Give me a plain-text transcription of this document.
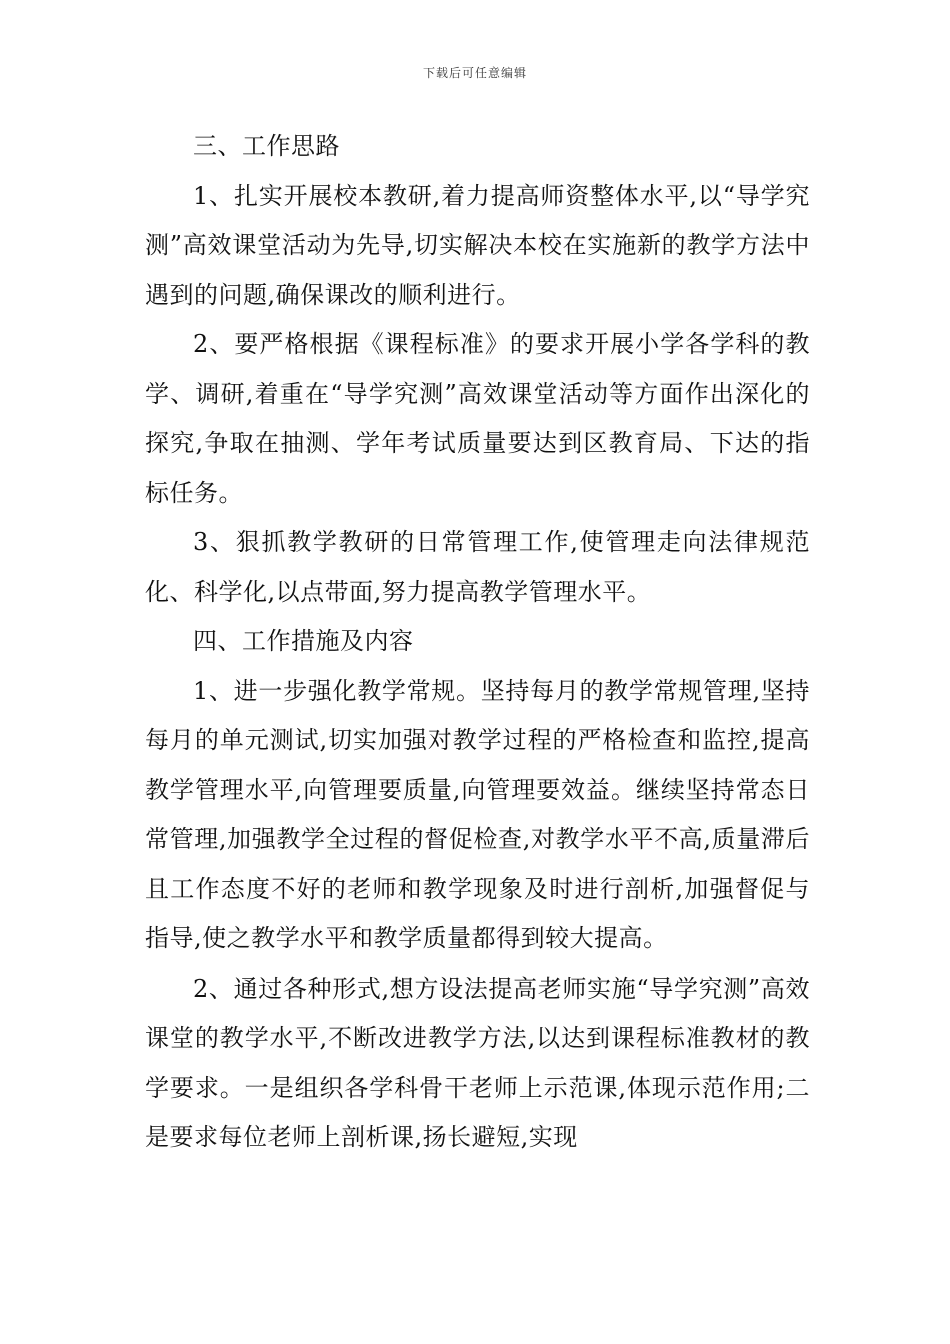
下载后可任意编辑

三、工作思路

1、扎实开展校本教研,着力提高师资整体水平,以“导学究测”高效课堂活动为先导,切实解决本校在实施新的教学方法中遇到的问题,确保课改的顺利进行。

2、要严格根据《课程标准》的要求开展小学各学科的教学、调研,着重在“导学究测”高效课堂活动等方面作出深化的探究,争取在抽测、学年考试质量要达到区教育局、下达的指标任务。

3、狠抓教学教研的日常管理工作,使管理走向法律规范化、科学化,以点带面,努力提高教学管理水平。

四、工作措施及内容

1、进一步强化教学常规。坚持每月的教学常规管理,坚持每月的单元测试,切实加强对教学过程的严格检查和监控,提高教学管理水平,向管理要质量,向管理要效益。继续坚持常态日常管理,加强教学全过程的督促检查,对教学水平不高,质量滞后且工作态度不好的老师和教学现象及时进行剖析,加强督促与指导,使之教学水平和教学质量都得到较大提高。

2、通过各种形式,想方设法提高老师实施“导学究测”高效课堂的教学水平,不断改进教学方法,以达到课程标准教材的教学要求。一是组织各学科骨干老师上示范课,体现示范作用;二是要求每位老师上剖析课,扬长避短,实现
